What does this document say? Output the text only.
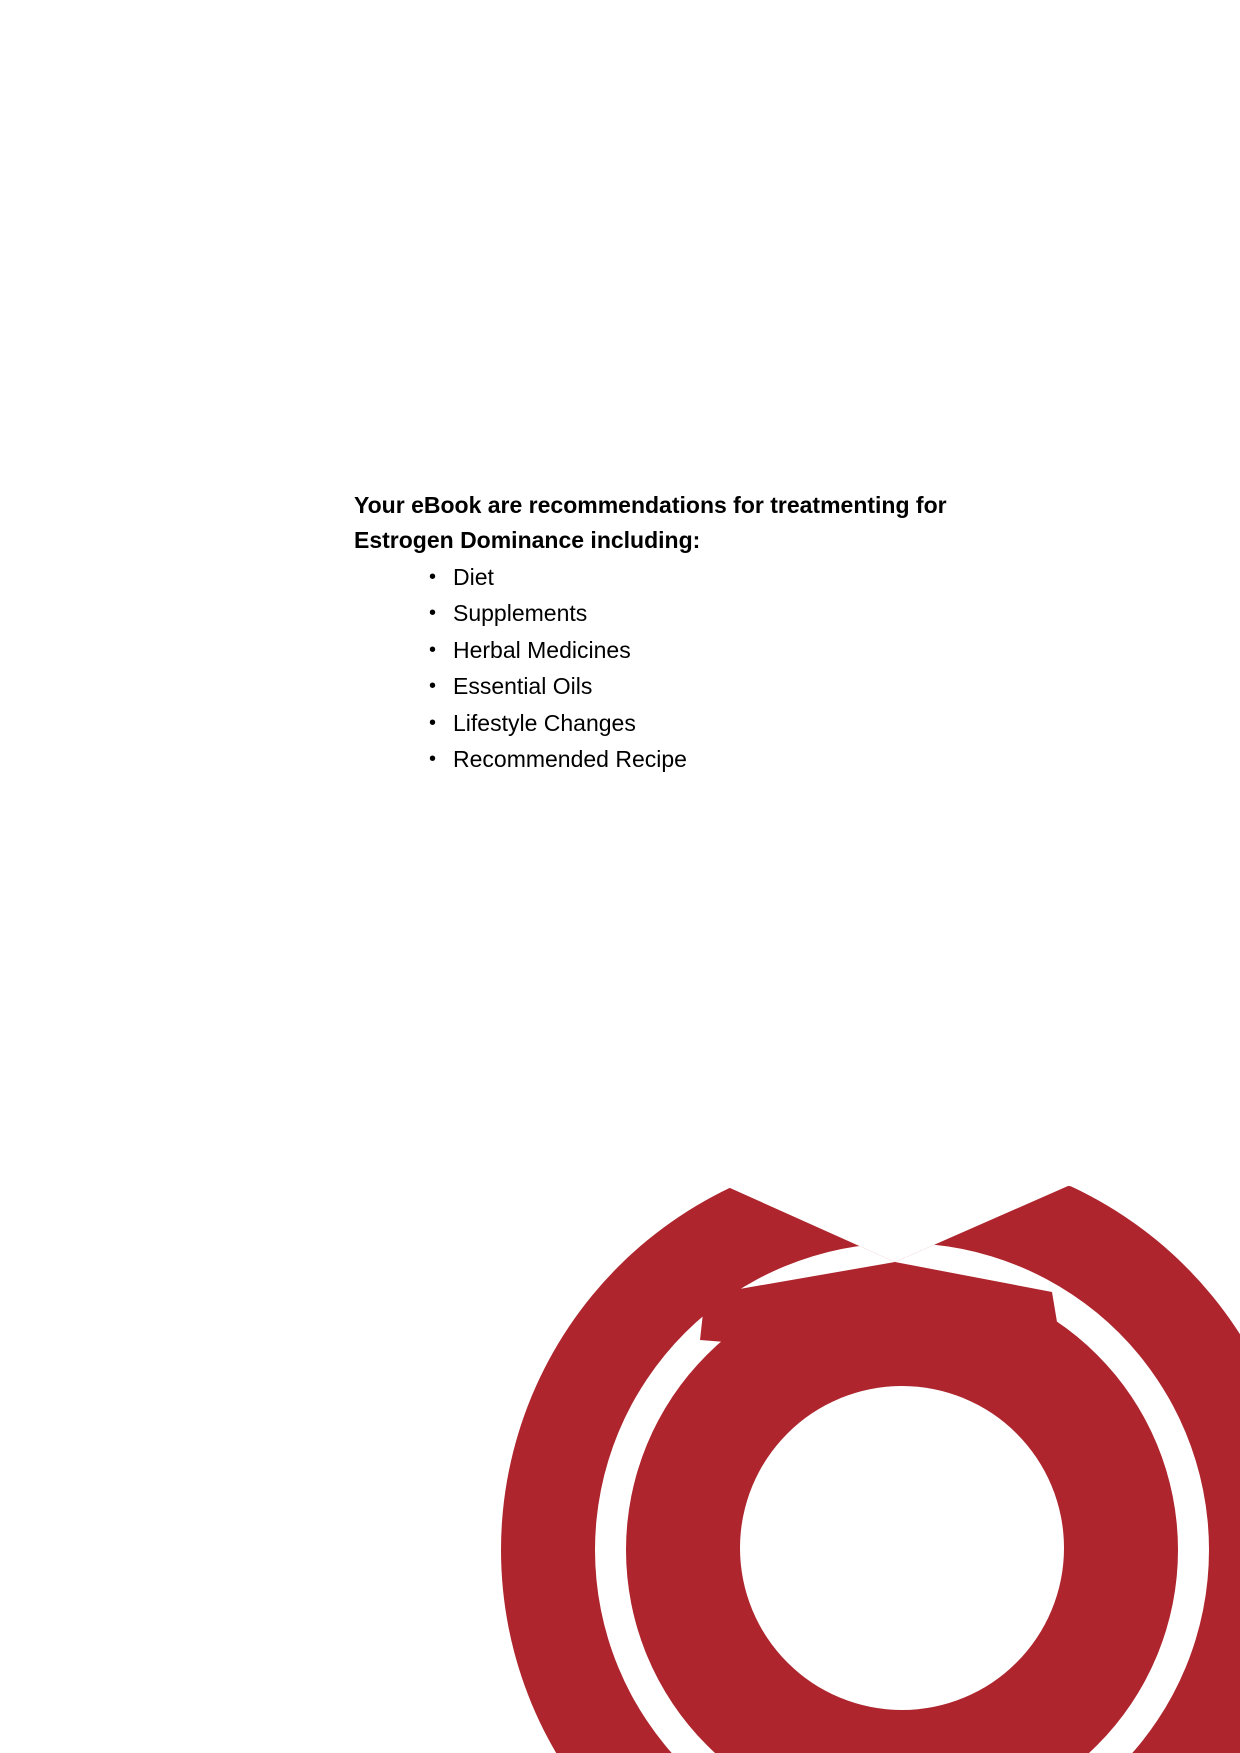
Your eBook are recommendations for treatmenting for Estrogen Dominance including:

• Diet
• Supplements
• Herbal Medicines
• Essential Oils
• Lifestyle Changes
• Recommended Recipe
